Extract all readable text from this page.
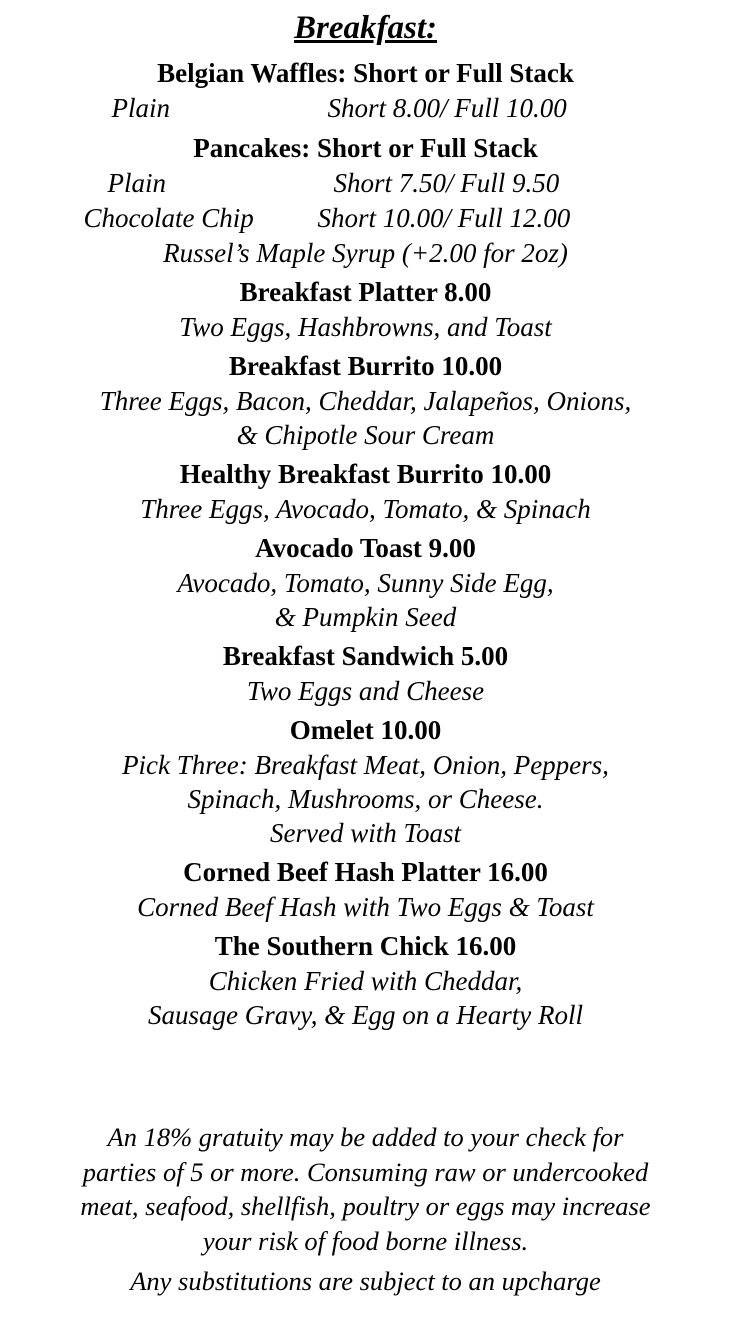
Breakfast:
Belgian Waffles: Short or Full Stack
Plain	Short 8.00/ Full 10.00
Pancakes: Short or Full Stack
Plain	Short 7.50/ Full 9.50
Chocolate Chip	Short 10.00/ Full 12.00
Russel’s Maple Syrup (+2.00 for 2oz)
Breakfast Platter 8.00
Two Eggs, Hashbrowns, and Toast
Breakfast Burrito 10.00
Three Eggs, Bacon, Cheddar, Jalapeños, Onions,
& Chipotle Sour Cream
Healthy Breakfast Burrito 10.00
Three Eggs, Avocado, Tomato, & Spinach
Avocado Toast 9.00
Avocado, Tomato, Sunny Side Egg,
& Pumpkin Seed
Breakfast Sandwich 5.00
Two Eggs and Cheese
Omelet 10.00
Pick Three: Breakfast Meat, Onion, Peppers,
Spinach, Mushrooms, or Cheese.
Served with Toast
Corned Beef Hash Platter 16.00
Corned Beef Hash with Two Eggs & Toast
The Southern Chick 16.00
Chicken Fried with Cheddar,
Sausage Gravy, & Egg on a Hearty Roll

An 18% gratuity may be added to your check for

parties of 5 or more. Consuming raw or undercooked

meat, seafood, shellfish, poultry or eggs may increase

your risk of food borne illness.

Any substitutions are subject to an upcharge
